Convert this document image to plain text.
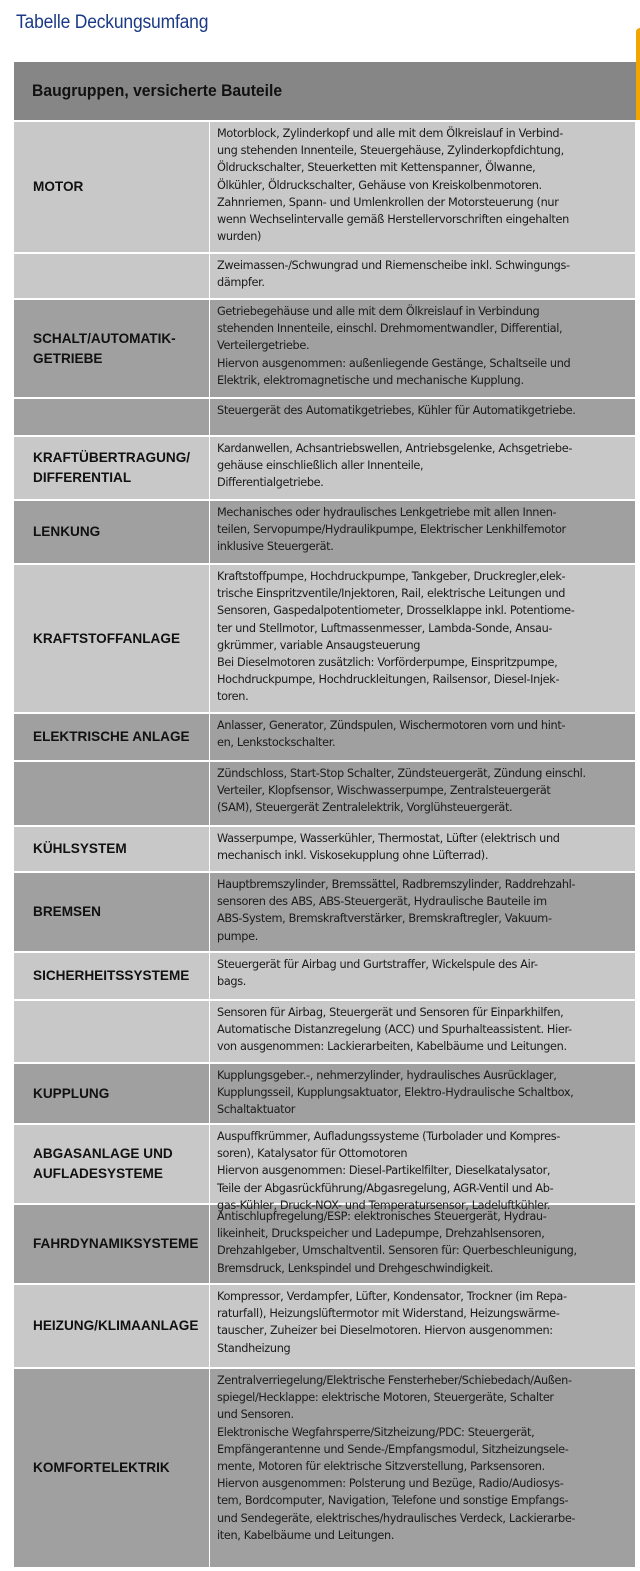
Tabelle Deckungsumfang
Baugruppen, versicherte Bauteile
MOTOR
Motorblock, Zylinderkopf und alle mit dem Ölkreislauf in Verbind-
ung stehenden Innenteile, Steuergehäuse, Zylinderkopfdichtung,
Öldruckschalter, Steuerketten mit Kettenspanner, Ölwanne,
Ölkühler, Öldruckschalter, Gehäuse von Kreiskolbenmotoren.
Zahnriemen, Spann- und Umlenkrollen der Motorsteuerung (nur
wenn Wechselintervalle gemäß Herstellervorschriften eingehalten
wurden)
Zweimassen-/Schwungrad und Riemenscheibe inkl. Schwingungs-
dämpfer.
SCHALT/AUTOMATIK-
GETRIEBE
Getriebegehäuse und alle mit dem Ölkreislauf in Verbindung
stehenden Innenteile, einschl. Drehmomentwandler, Differential,
Verteilergetriebe.
Hiervon ausgenommen: außenliegende Gestänge, Schaltseile und
Elektrik, elektromagnetische und mechanische Kupplung.
Steuergerät des Automatikgetriebes, Kühler für Automatikgetriebe.
KRAFTÜBERTRAGUNG/
DIFFERENTIAL
Kardanwellen, Achsantriebswellen, Antriebsgelenke, Achsgetriebe-
gehäuse einschließlich aller Innenteile,
Differentialgetriebe.
LENKUNG
Mechanisches oder hydraulisches Lenkgetriebe mit allen Innen-
teilen, Servopumpe/Hydraulikpumpe, Elektrischer Lenkhilfemotor
inklusive Steuergerät.
KRAFTSTOFFANLAGE
Kraftstoffpumpe, Hochdruckpumpe, Tankgeber, Druckregler,elek-
trische Einspritzventile/Injektoren, Rail, elektrische Leitungen und
Sensoren, Gaspedalpotentiometer, Drosselklappe inkl. Potentiome-
ter und Stellmotor, Luftmassenmesser, Lambda-Sonde, Ansau-
gkrümmer, variable Ansaugsteuerung
Bei Dieselmotoren zusätzlich: Vorförderpumpe, Einspritzpumpe,
Hochdruckpumpe, Hochdruckleitungen, Railsensor, Diesel-Injek-
toren.
ELEKTRISCHE ANLAGE
Anlasser, Generator, Zündspulen, Wischermotoren vorn und hint-
en, Lenkstockschalter.
Zündschloss, Start-Stop Schalter, Zündsteuergerät, Zündung einschl.
Verteiler, Klopfsensor, Wischwasserpumpe, Zentralsteuergerät
(SAM), Steuergerät Zentralelektrik, Vorglühsteuergerät.
KÜHLSYSTEM
Wasserpumpe, Wasserkühler, Thermostat, Lüfter (elektrisch und
mechanisch inkl. Viskosekupplung ohne Lüfterrad).
BREMSEN
Hauptbremszylinder, Bremssättel, Radbremszylinder, Raddrehzahl-
sensoren des ABS, ABS-Steuergerät, Hydraulische Bauteile im
ABS-System, Bremskraftverstärker, Bremskraftregler, Vakuum-
pumpe.
SICHERHEITSSYSTEME
Steuergerät für Airbag und Gurtstraffer, Wickelspule des Air-
bags.
Sensoren für Airbag, Steuergerät und Sensoren für Einparkhilfen,
Automatische Distanzregelung (ACC) und Spurhalteassistent. Hier-
von ausgenommen: Lackierarbeiten, Kabelbäume und Leitungen.
KUPPLUNG
Kupplungsgeber.-, nehmerzylinder, hydraulisches Ausrücklager,
Kupplungsseil, Kupplungsaktuator, Elektro-Hydraulische Schaltbox,
Schaltaktuator
ABGASANLAGE UND
AUFLADESYSTEME
Auspuffkrümmer, Aufladungssysteme (Turbolader und Kompres-
soren), Katalysator für Ottomotoren
Hiervon ausgenommen: Diesel-Partikelfilter, Dieselkatalysator,
Teile der Abgasrückführung/Abgasregelung, AGR-Ventil und Ab-
gas-Kühler, Druck-NOX- und Temperatursensor, Ladeluftkühler.
FAHRDYNAMIKSYSTEME
Antischlupfregelung/ESP: elektronisches Steuergerät, Hydrau-
likeinheit, Druckspeicher und Ladepumpe, Drehzahlsensoren,
Drehzahlgeber, Umschaltventil. Sensoren für: Querbeschleunigung,
Bremsdruck, Lenkspindel und Drehgeschwindigkeit.
HEIZUNG/KLIMAANLAGE
Kompressor, Verdampfer, Lüfter, Kondensator, Trockner (im Repa-
raturfall), Heizungslüftermotor mit Widerstand, Heizungswärme-
tauscher, Zuheizer bei Dieselmotoren. Hiervon ausgenommen:
Standheizung
KOMFORTELEKTRIK
Zentralverriegelung/Elektrische Fensterheber/Schiebedach/Außen-
spiegel/Hecklappe: elektrische Motoren, Steuergeräte, Schalter
und Sensoren.
Elektronische Wegfahrsperre/Sitzheizung/PDC: Steuergerät,
Empfängerantenne und Sende-/Empfangsmodul, Sitzheizungsele-
mente, Motoren für elektrische Sitzverstellung, Parksensoren.
Hiervon ausgenommen: Polsterung und Bezüge, Radio/Audiosys-
tem, Bordcomputer, Navigation, Telefone und sonstige Empfangs-
und Sendegeräte, elektrisches/hydraulisches Verdeck, Lackierarbe-
iten, Kabelbäume und Leitungen.
